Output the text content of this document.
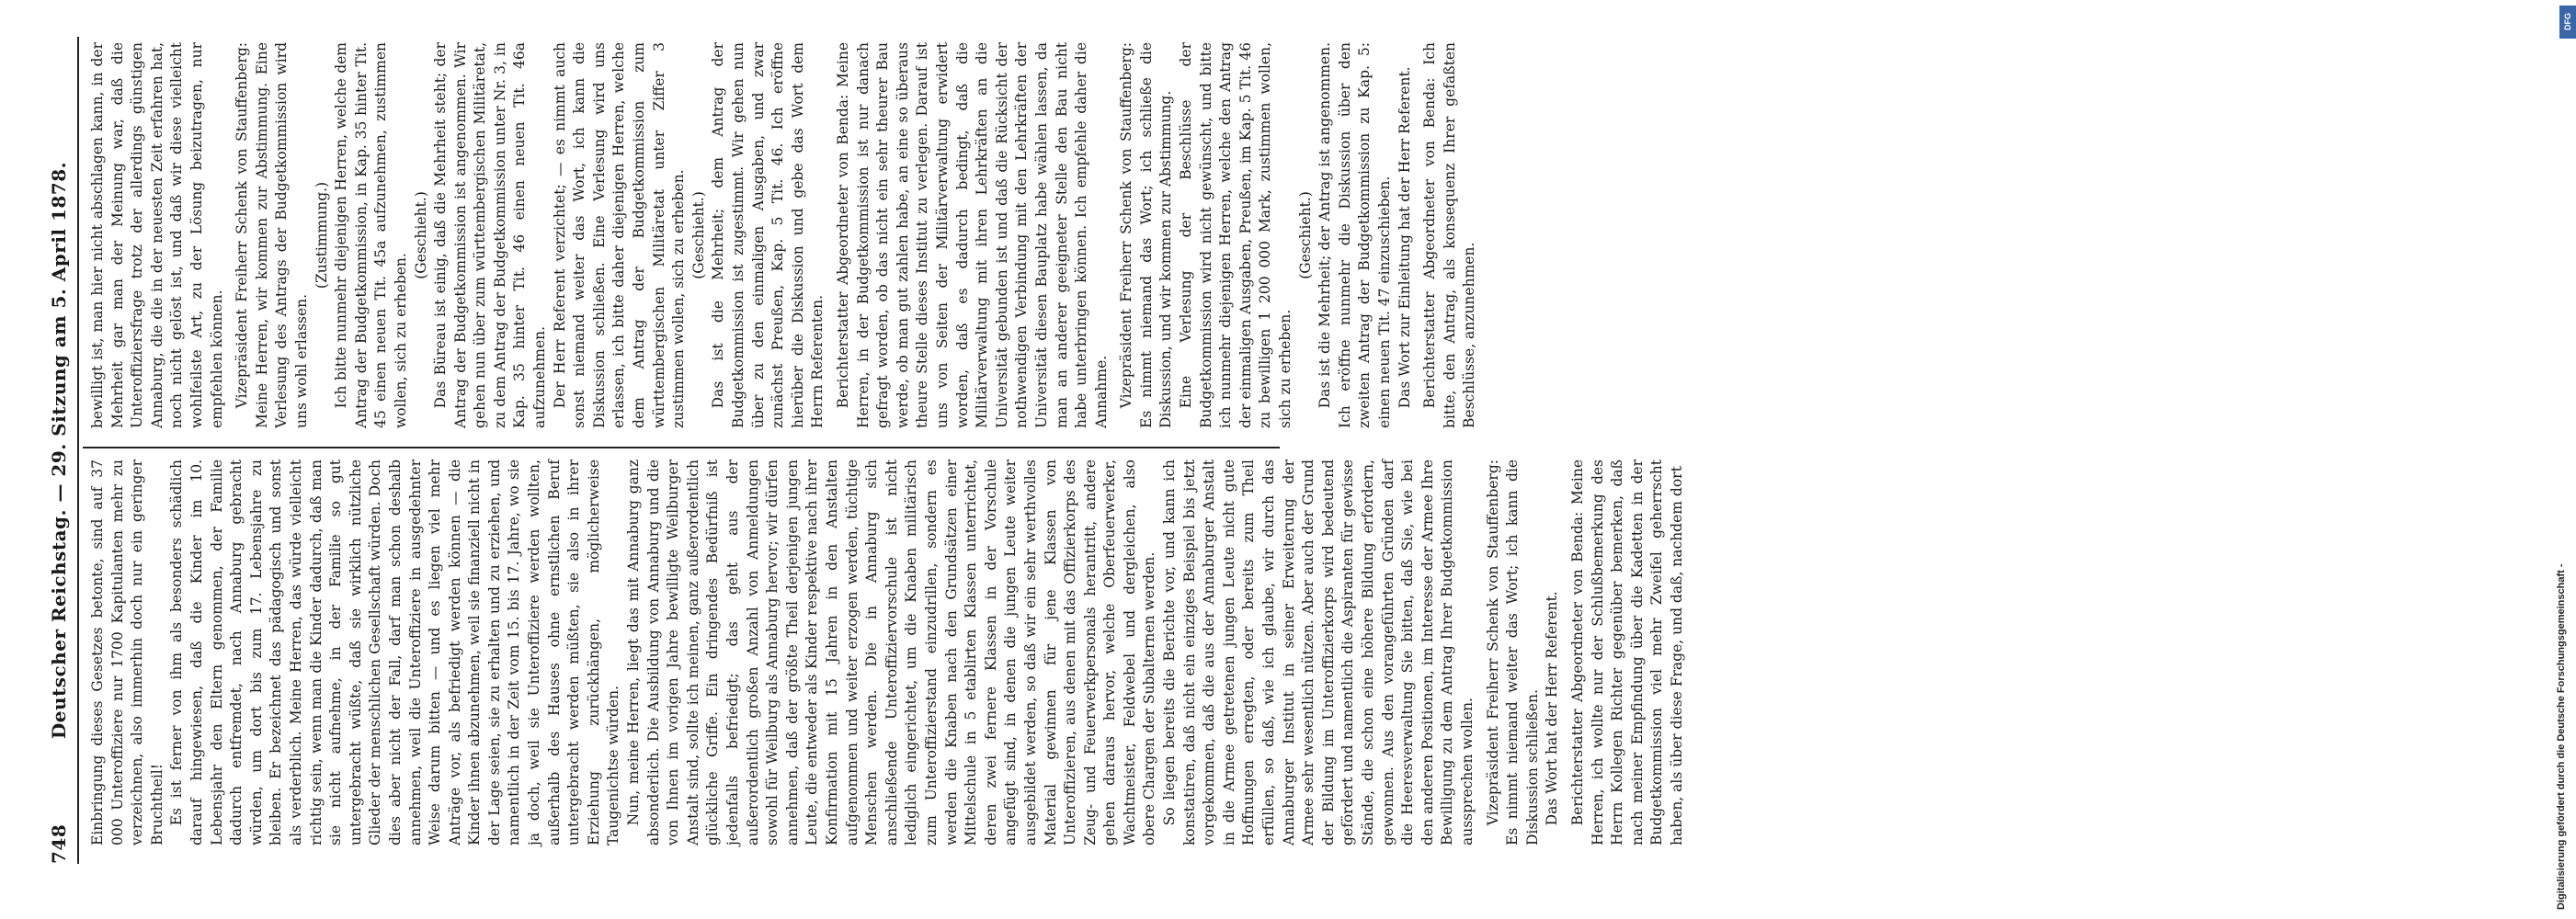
748
Deutscher Reichstag. — 29. Sitzung am 5. April 1878. Einbringung dieses Gesetzes betonte, sind auf 37 000 Unteroffiziere nur 1700 Kapitulanten mehr zu verzeichnen, also immerhin doch nur ein geringer Bruchtheil! Es ist ferner von ihm als besonders schädlich darauf hingewiesen, daß die Kinder im 10. Lebensjahr den Eltern genommen, der Familie dadurch entfremdet, nach Annaburg gebracht würden, um dort bis zum 17. Lebensjahre zu bleiben. Er bezeichnet das pädagogisch und sonst als verderblich. Meine Herren, das würde vielleicht richtig sein, wenn man die Kinder dadurch, daß man sie nicht aufnehme, in der Familie so gut untergebracht wüßte, daß sie wirklich nützliche Glieder der menschlichen Gesellschaft würden. Doch dies aber nicht der Fall, darf man schon deshalb annehmen, weil die Unteroffiziere in ausgedehnter Weise darum bitten — und es liegen viel mehr Anträge vor, als befriedigt werden können — die Kinder ihnen abzunehmen, weil sie finanziell nicht in der Lage seien, sie zu erhalten und zu erziehen, und namentlich in der Zeit vom 15. bis 17. Jahre, wo sie ja doch, weil sie Unteroffiziere werden wollten, außerhalb des Hauses ohne ernstlichen Beruf untergebracht werden müßten, sie also in ihrer Erziehung zurückhängen, möglicherweise Taugenichtse würden. Nun, meine Herren, liegt das mit Annaburg ganz absonderlich. Die Ausbildung von Annaburg und die von Ihnen im vorigen Jahre bewilligte Weilburger Anstalt sind, sollte ich meinen, ganz außerordentlich glückliche Griffe. Ein dringendes Bedürfniß ist jedenfalls befriedigt; das geht aus der außerordentlich großen Anzahl von Anmeldungen sowohl für Weilburg als Annaburg hervor; wir dürfen annehmen, daß der größte Theil derjenigen jungen Leute, die entweder als Kinder respektive nach ihrer Konfirmation mit 15 Jahren in den Anstalten aufgenommen und weiter erzogen werden, tüchtige Menschen werden. Die in Annaburg sich anschließende Unteroffiziervorschule ist nicht lediglich eingerichtet, um die Knaben militärisch zum Unteroffizierstand einzudrillen, sondern es werden die Knaben nach den Grundsätzen einer Mittelschule in 5 etablirten Klassen unterrichtet, deren zwei fernere Klassen in der Vorschule angefügt sind, in denen die jungen Leute weiter ausgebildet werden, so daß wir ein sehr werthvolles Material gewinnen für jene Klassen von Unteroffizieren, aus denen mit das Offizierkorps des Zeug- und Feuerwerkpersonals herantritt, andere gehen daraus hervor, welche Oberfeuerwerker, Wachtmeister, Feldwebel und dergleichen, also obere Chargen der Subalternen werden. So liegen bereits die Berichte vor, und kann ich konstatiren, daß nicht ein einziges Beispiel bis jetzt vorgekommen, daß die aus der Annaburger Anstalt in die Armee getretenen jungen Leute nicht gute Hoffnungen erregten, oder bereits zum Theil erfüllen, so daß, wie ich glaube, wir durch das Annaburger Institut in seiner Erweiterung der Armee sehr wesentlich nützen. Aber auch der Grund der Bildung im Unteroffizierkorps wird bedeutend gefördert und namentlich die Aspiranten für gewisse Stände, die schon eine höhere Bildung erfordern, gewonnen. Aus den vorangeführten Gründen darf die Heeresverwaltung Sie bitten, daß Sie, wie bei den anderen Positionen, im Interesse der Armee Ihre Bewilligung zu dem Antrag Ihrer Budgetkommission aussprechen wollen. Vizepräsident Freiherr Schenk von Stauffenberg: Es nimmt niemand weiter das Wort; ich kann die Diskussion schließen. Das Wort hat der Herr Referent. Berichterstatter Abgeordneter von Benda: Meine Herren, ich wollte nur der Schlußbemerkung des Herrn Kollegen Richter gegenüber bemerken, daß nach meiner Empfindung über die Kadetten in der Budgetkommission viel mehr Zweifel geherrscht haben, als über diese Frage, und daß, nachdem dort

bewilligt ist, man hier nicht abschlagen kann, in der Mehrheit gar man der Meinung war, daß die Unteroffiziersfrage trotz der allerdings günstigen Annaburg, die die in der neuesten Zeit erfahren hat, noch nicht gelöst ist, und daß wir diese vielleicht wohlfeilste Art, zu der Lösung beizutragen, nur empfehlen können. Vizepräsident Freiherr Schenk von Stauffenberg: Meine Herren, wir kommen zur Abstimmung. Eine Verlesung des Antrags der Budgetkommission wird uns wohl erlassen.

(Zustimmung.) Ich bitte nunmehr diejenigen Herren, welche dem Antrag der Budgetkommission, in Kap. 35 hinter Tit. 45 einen neuen Tit. 45a aufzunehmen, zustimmen wollen, sich zu erheben.

(Geschieht.) Das Büreau ist einig, daß die Mehrheit steht; der Antrag der Budgetkommission ist angenommen. Wir gehen nun über zum württembergischen Militäretat, zu dem Antrag der Budgetkommission unter Nr. 3, in Kap. 35 hinter Tit. 46 einen neuen Tit. 46a aufzunehmen. Der Herr Referent verzichtet; — es nimmt auch sonst niemand weiter das Wort, ich kann die Diskussion schließen. Eine Verlesung wird uns erlassen, ich bitte daher diejenigen Herren, welche dem Antrag der Budgetkommission zum württembergischen Militäretat unter Ziffer 3 zustimmen wollen, sich zu erheben. (Geschieht.) Das ist die Mehrheit; dem Antrag der Budgetkommission ist zugestimmt. Wir gehen nun über zu den einmaligen Ausgaben, und zwar zunächst Preußen, Kap. 5 Tit. 46. Ich eröffne hierüber die Diskussion und gebe das Wort dem Herrn Referenten. Berichterstatter Abgeordneter von Benda: Meine Herren, in der Budgetkommission ist nur danach gefragt worden, ob das nicht ein sehr theurer Bau werde, ob man gut zahlen habe, an eine so überaus theure Stelle dieses Institut zu verlegen. Darauf ist uns von Seiten der Militärverwaltung erwidert worden, daß es dadurch bedingt, daß die Militärverwaltung mit ihren Lehrkräften an die Universität gebunden ist und daß die Rücksicht der nothwendigen Verbindung mit den Lehrkräften der Universität diesen Bauplatz habe wählen lassen, da man an anderer geeigneter Stelle den Bau nicht habe unterbringen können. Ich empfehle daher die Annahme. Vizepräsident Freiherr Schenk von Stauffenberg: Es nimmt niemand das Wort; ich schließe die Diskussion, und wir kommen zur Abstimmung. Eine Verlesung der Beschlüsse der Budgetkommission wird nicht gewünscht, und bitte ich nunmehr diejenigen Herren, welche den Antrag der einmaligen Ausgaben, Preußen, im Kap. 5 Tit. 46 zu bewilligen 1 200 000 Mark, zustimmen wollen, sich zu erheben.

(Geschieht.) Das ist die Mehrheit; der Antrag ist angenommen. Ich eröffne nunmehr die Diskussion über den zweiten Antrag der Budgetkommission zu Kap. 5: einen neuen Tit. 47 einzuschieben. Das Wort zur Einleitung hat der Herr Referent. Berichterstatter Abgeordneter von Benda: Ich bitte, den Antrag, als konsequenz Ihrer gefaßten Beschlüsse, anzunehmen.

DFG
Digitalisierung gefördert durch die Deutsche Forschungsgemeinschaft -
